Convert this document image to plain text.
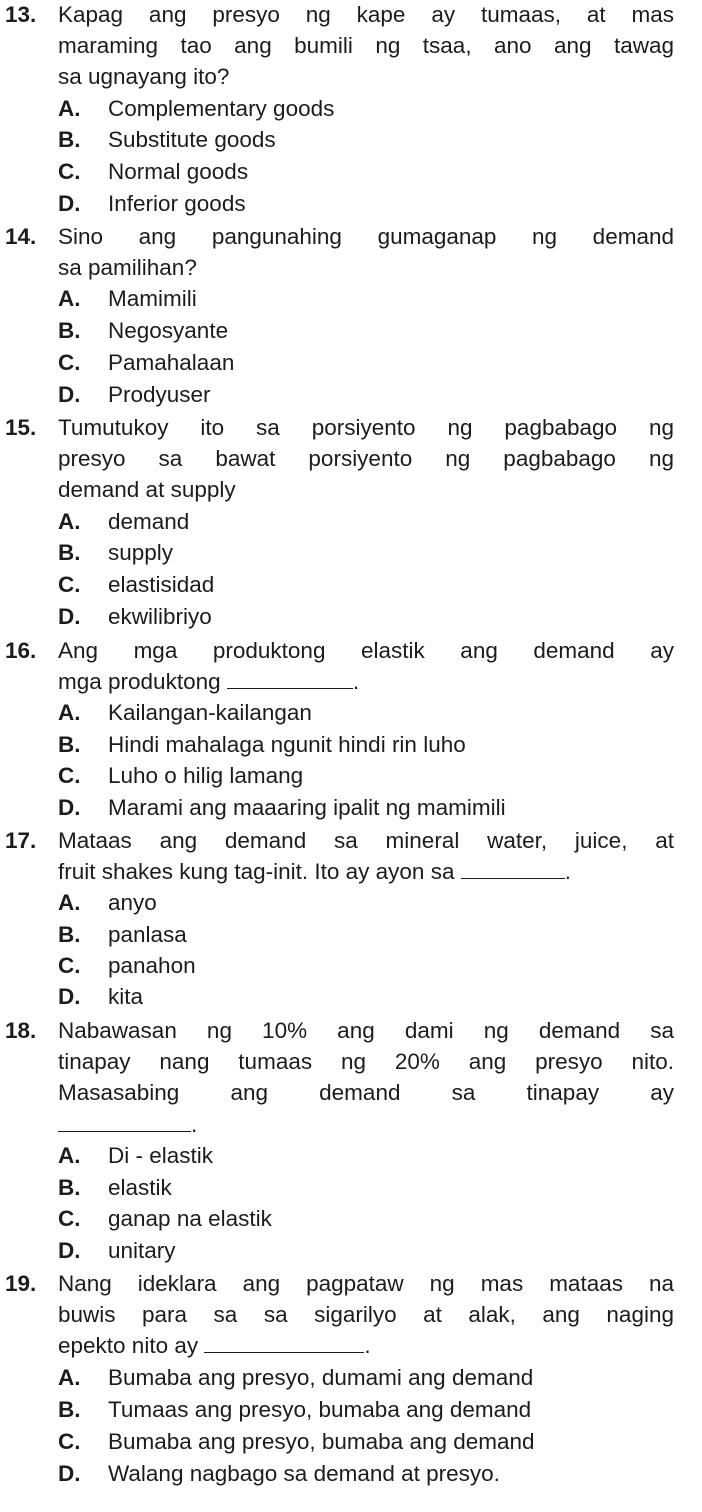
13. Kapag ang presyo ng kape ay tumaas, at mas
maraming tao ang bumili ng tsaa, ano ang tawag
sa ugnayang ito?
A. Complementary goods
B. Substitute goods
C. Normal goods
D. Inferior goods
14. Sino ang pangunahing gumaganap ng demand
sa pamilihan?
A. Mamimili
B. Negosyante
C. Pamahalaan
D. Prodyuser
15. Tumutukoy ito sa porsiyento ng pagbabago ng
presyo sa bawat porsiyento ng pagbabago ng
demand at supply
A. demand
B. supply
C. elastisidad
D. ekwilibriyo
16. Ang mga produktong elastik ang demand ay
mga produktong	.
A. Kailangan-kailangan
B. Hindi mahalaga ngunit hindi rin luho
C. Luho o hilig lamang
D. Marami ang maaaring ipalit ng mamimili
17. Mataas ang demand sa mineral water, juice, at
fruit shakes kung tag-init. Ito ay ayon sa	.
A. anyo
B. panlasa
C. panahon
D. kita
18. Nabawasan ng 10% ang dami ng demand sa
tinapay nang tumaas ng 20% ang presyo nito.
Masasabing ang demand sa tinapay ay
.
A. Di - elastik
B. elastik
C. ganap na elastik
D. unitary
19. Nang ideklara ang pagpataw ng mas mataas na
buwis para sa sa sigarilyo at alak, ang naging
epekto nito ay	.
A. Bumaba ang presyo, dumami ang demand
B. Tumaas ang presyo, bumaba ang demand
C. Bumaba ang presyo, bumaba ang demand
D. Walang nagbago sa demand at presyo.
